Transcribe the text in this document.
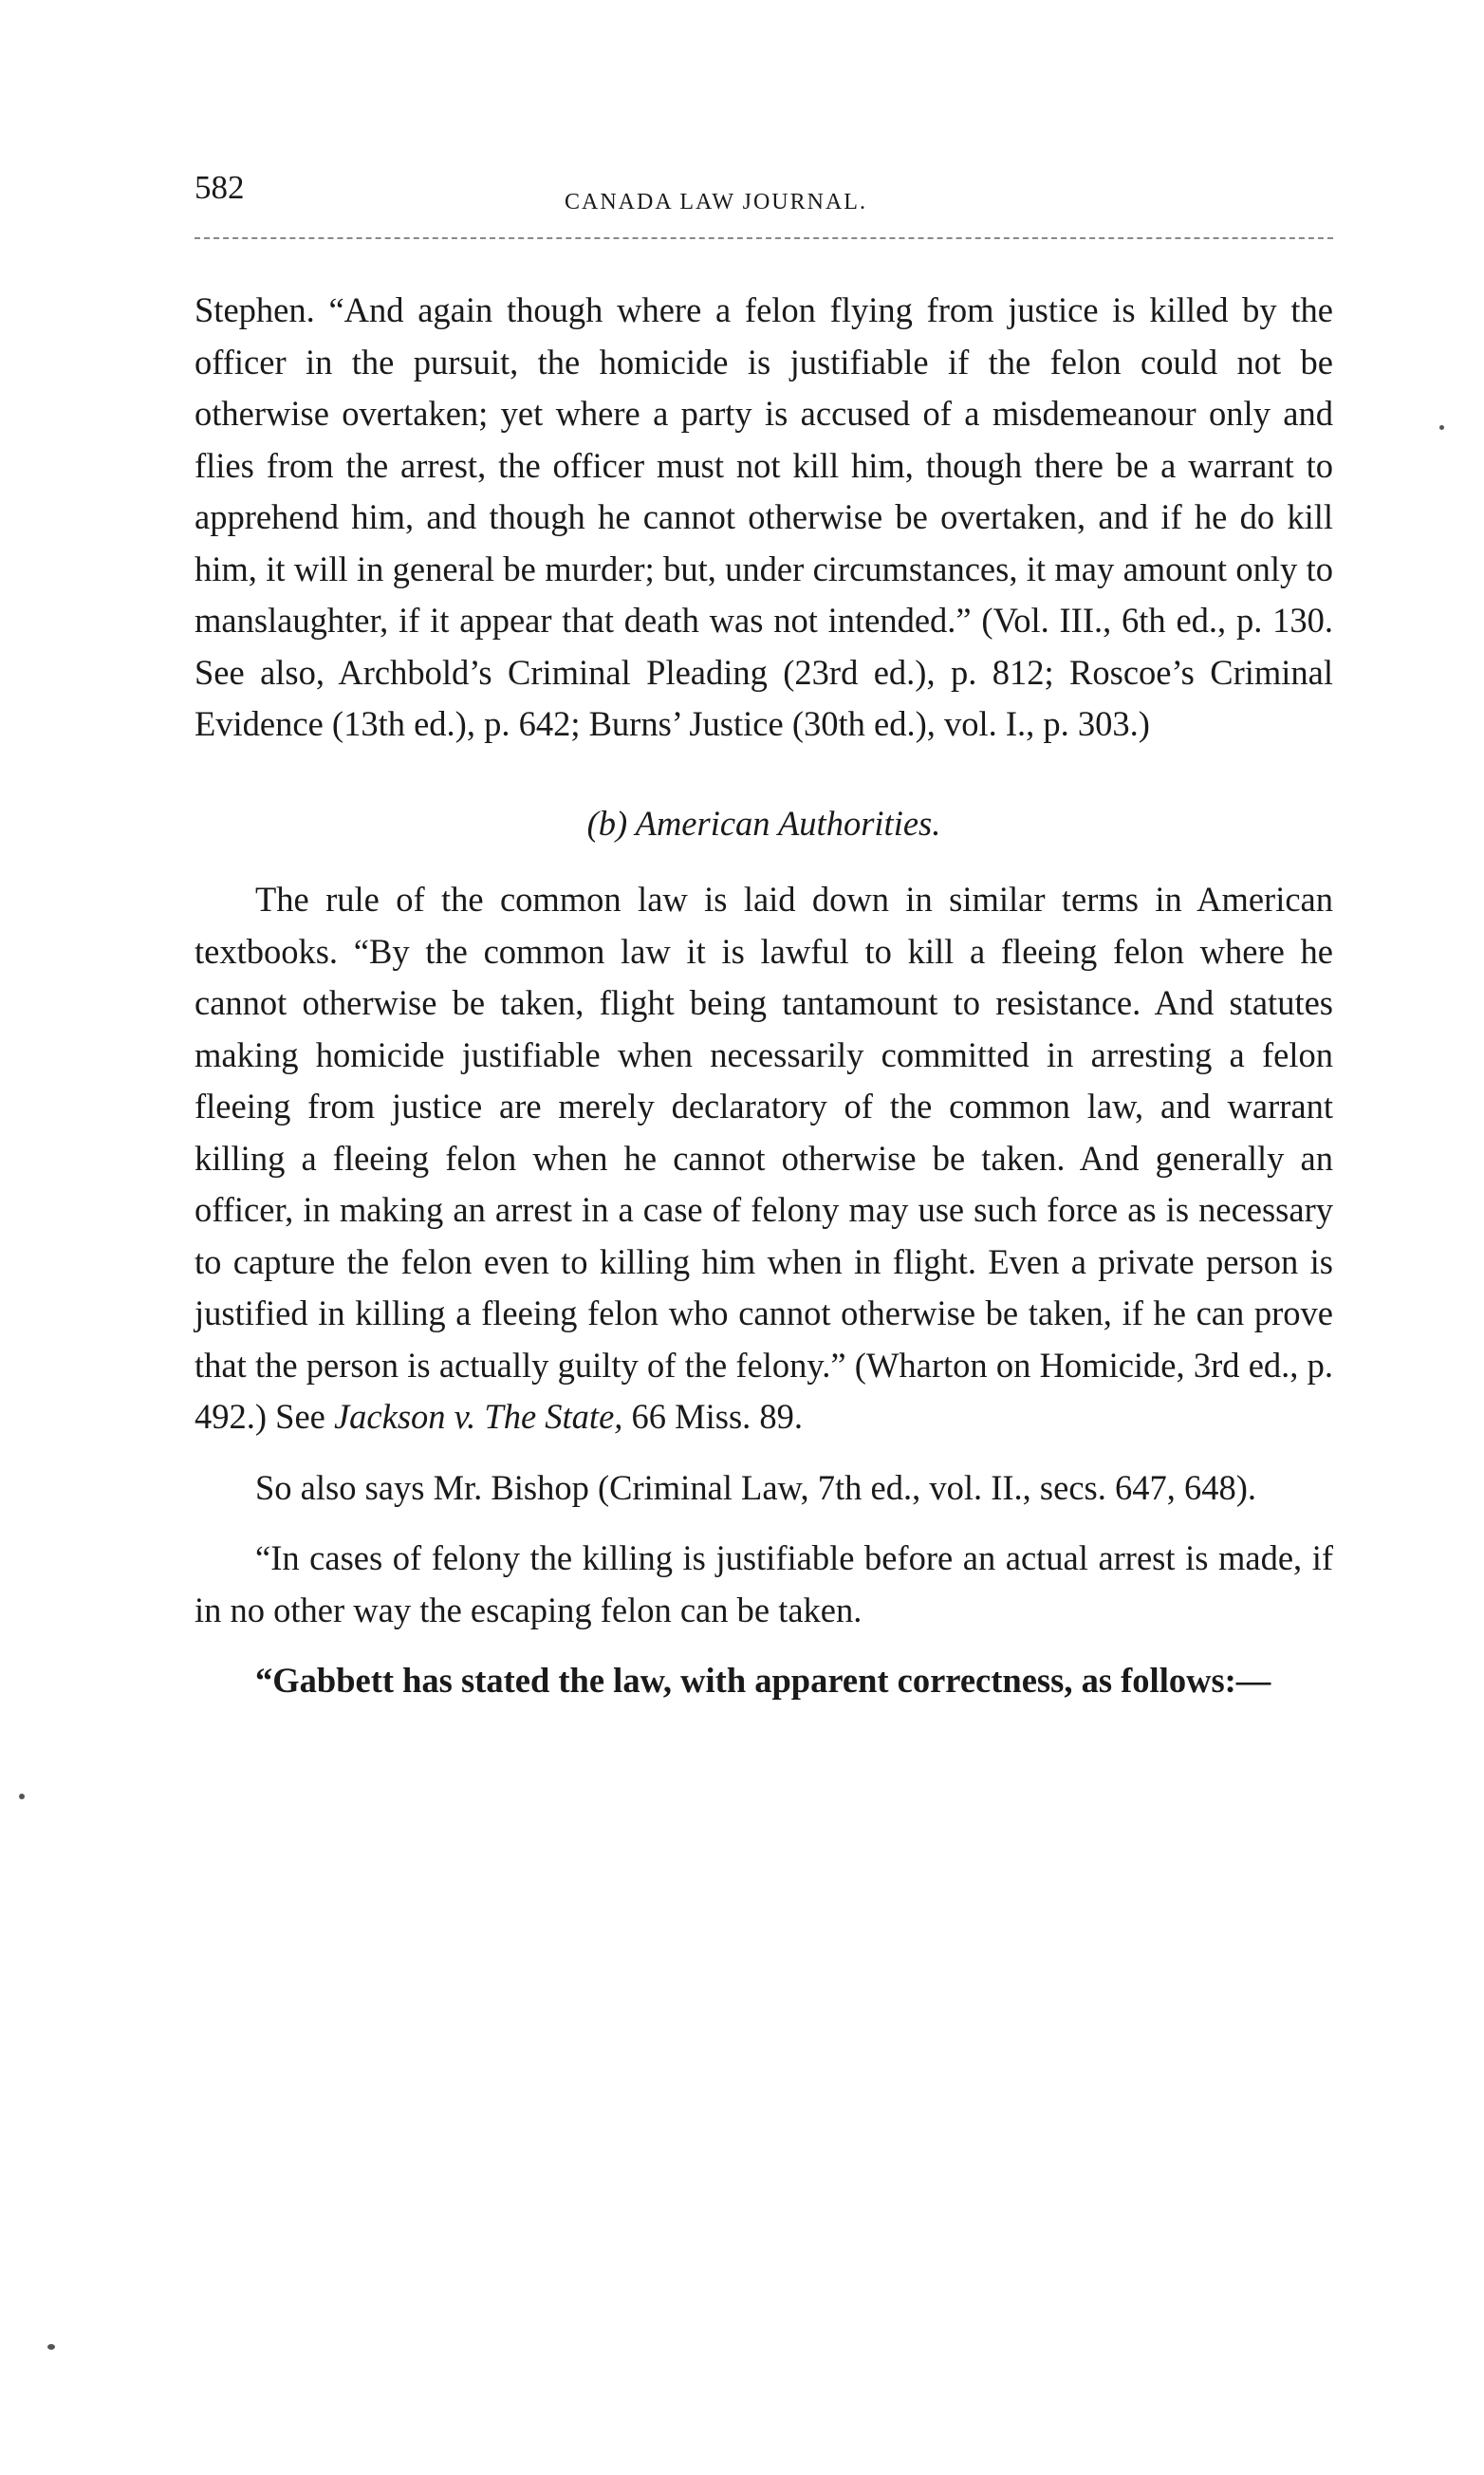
582	CANADA LAW JOURNAL.

Stephen. “And again though where a felon flying from justice is killed by the officer in the pursuit, the homicide is justifiable if the felon could not be otherwise overtaken; yet where a party is accused of a misdemeanour only and flies from the arrest, the officer must not kill him, though there be a warrant to apprehend him, and though he cannot otherwise be overtaken, and if he do kill him, it will in general be murder; but, under circumstances, it may amount only to manslaughter, if it appear that death was not intended.” (Vol. III., 6th ed., p. 130. See also, Archbold’s Criminal Pleading (23rd ed.), p. 812; Roscoe’s Criminal Evidence (13th ed.), p. 642; Burns’ Justice (30th ed.), vol. I., p. 303.)

(b) American Authorities.

The rule of the common law is laid down in similar terms in American textbooks. “By the common law it is lawful to kill a fleeing felon where he cannot otherwise be taken, flight being tantamount to resistance. And statutes making homicide justifiable when necessarily committed in arresting a felon fleeing from justice are merely declaratory of the common law, and warrant killing a fleeing felon when he cannot otherwise be taken. And generally an officer, in making an arrest in a case of felony may use such force as is necessary to capture the felon even to killing him when in flight. Even a private person is justified in killing a fleeing felon who cannot otherwise be taken, if he can prove that the person is actually guilty of the felony.” (Wharton on Homicide, 3rd ed., p. 492.) See Jackson v. The State, 66 Miss. 89.

So also says Mr. Bishop (Criminal Law, 7th ed., vol. II., secs. 647, 648).

“In cases of felony the killing is justifiable before an actual arrest is made, if in no other way the escaping felon can be taken.

“Gabbett has stated the law, with apparent correctness, as follows:—
